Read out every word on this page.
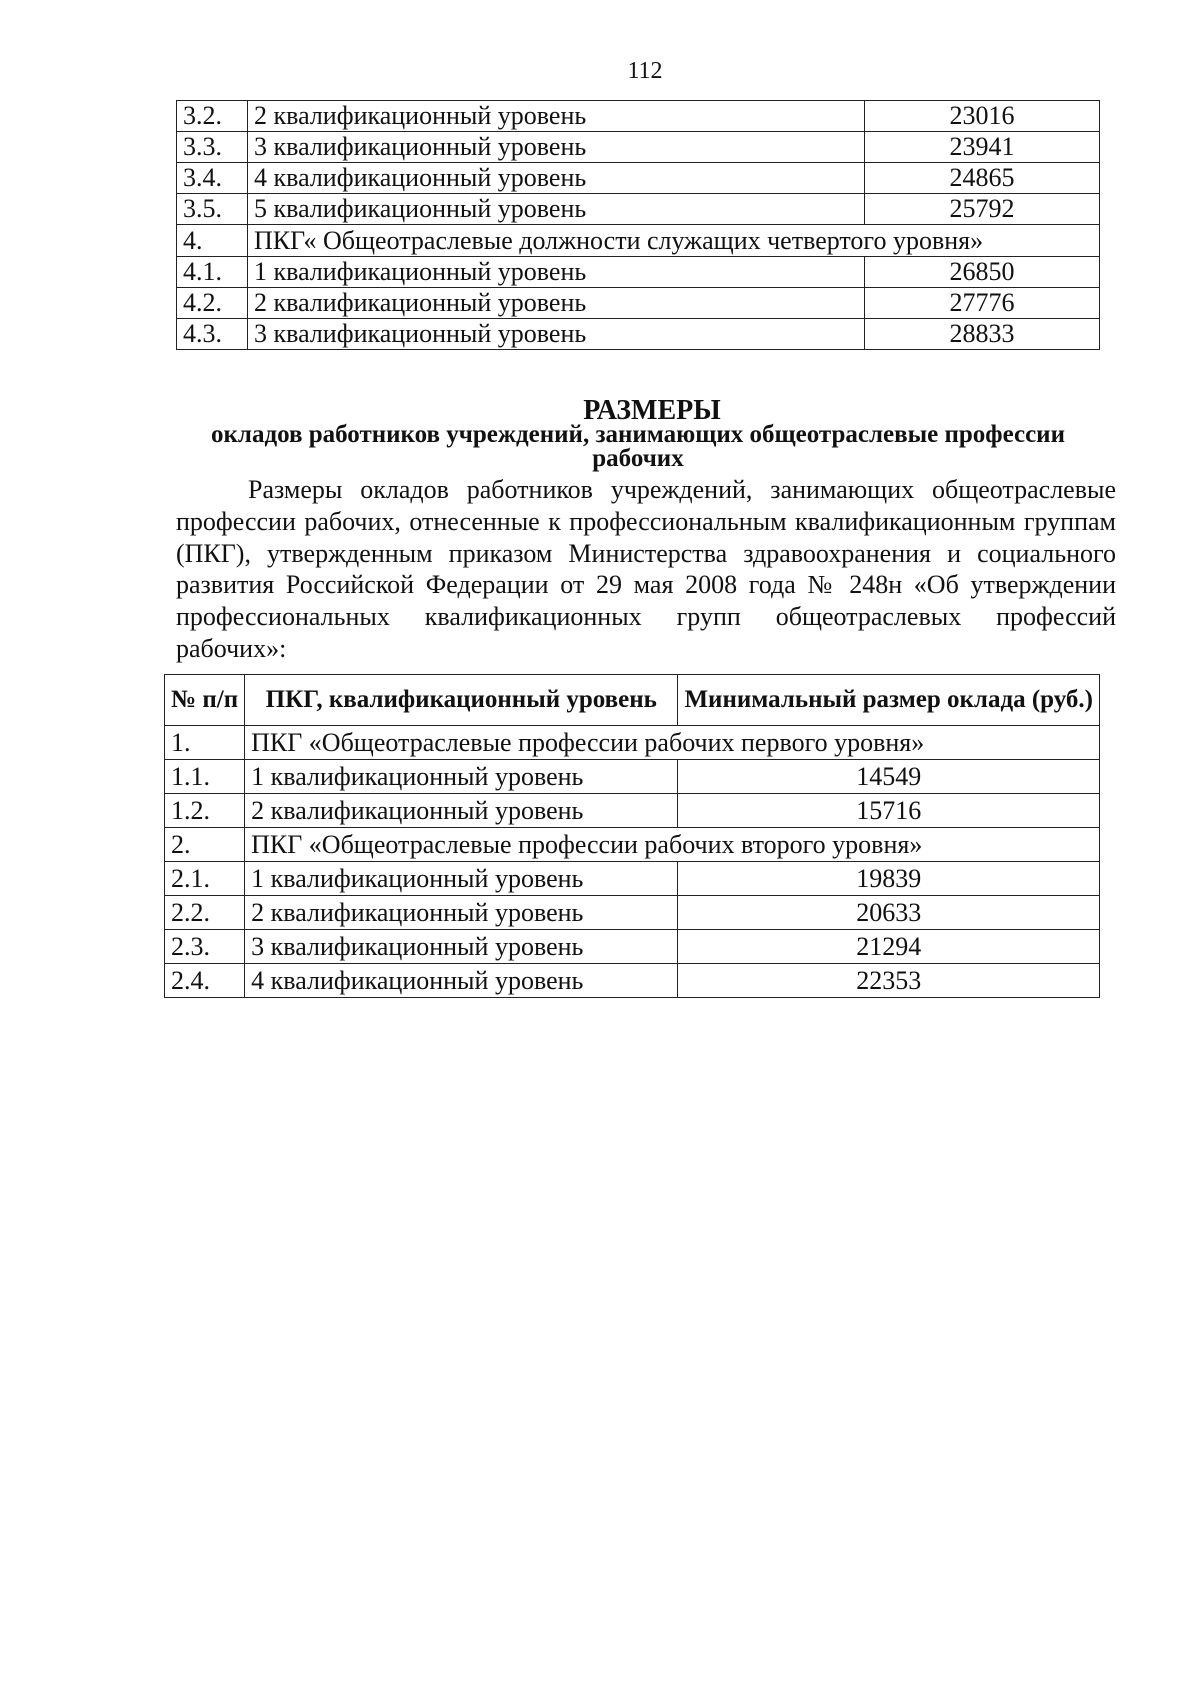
112
3.2.	2 квалификационный уровень	23016
3.3.	3 квалификационный уровень	23941
3.4.	4 квалификационный уровень	24865
3.5.	5 квалификационный уровень	25792
4.	ПКГ« Общеотраслевые должности служащих четвертого уровня»	
4.1.	1 квалификационный уровень	26850
4.2.	2 квалификационный уровень	27776
4.3.	3 квалификационный уровень	28833
РАЗМЕРЫ
окладов работников учреждений, занимающих общеотраслевые профессии рабочих
Размеры окладов работников учреждений, занимающих общеотраслевые профессии рабочих, отнесенные к профессиональным квалификационным группам (ПКГ), утвержденным приказом Министерства здравоохранения и социального развития Российской Федерации от 29 мая 2008 года № 248н «Об утверждении профессиональных квалификационных групп общеотраслевых профессий рабочих»:
№ п/п	ПКГ, квалификационный уровень	Минимальный размер оклада (руб.)
1.	ПКГ «Общеотраслевые профессии рабочих первого уровня»	
1.1.	1 квалификационный уровень	14549
1.2.	2 квалификационный уровень	15716
2.	ПКГ «Общеотраслевые профессии рабочих второго уровня»	
2.1.	1 квалификационный уровень	19839
2.2.	2 квалификационный уровень	20633
2.3.	3 квалификационный уровень	21294
2.4.	4 квалификационный уровень	22353
